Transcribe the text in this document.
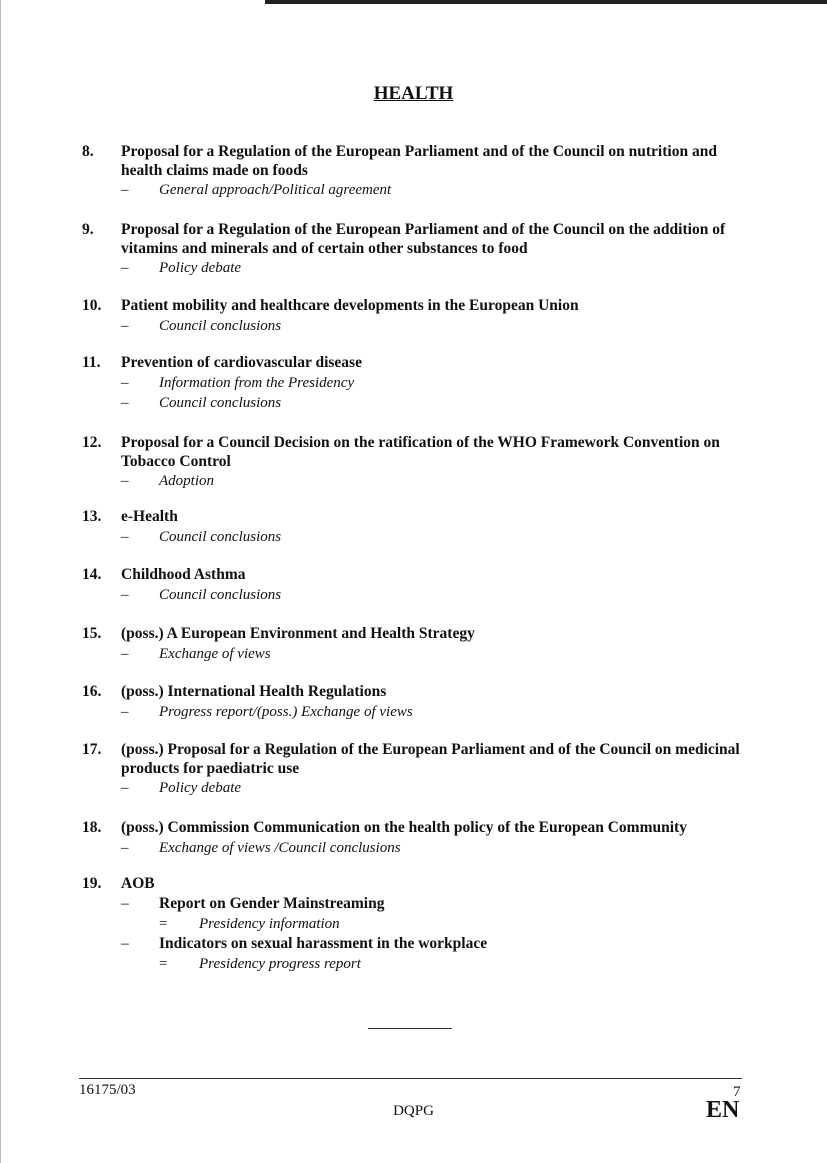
HEALTH
8. Proposal for a Regulation of the European Parliament and of the Council on nutrition and health claims made on foods
– General approach/Political agreement
9. Proposal for a Regulation of the European Parliament and of the Council on the addition of vitamins and minerals and of certain other substances to food
– Policy debate
10. Patient mobility and healthcare developments in the European Union
– Council conclusions
11. Prevention of cardiovascular disease
– Information from the Presidency
– Council conclusions
12. Proposal for a Council Decision on the ratification of the WHO Framework Convention on Tobacco Control
– Adoption
13. e-Health
– Council conclusions
14. Childhood Asthma
– Council conclusions
15. (poss.) A European Environment and Health Strategy
– Exchange of views
16. (poss.) International Health Regulations
– Progress report/(poss.) Exchange of views
17. (poss.) Proposal for a Regulation of the European Parliament and of the Council on medicinal products for paediatric use
– Policy debate
18. (poss.) Commission Communication on the health policy of the European Community
– Exchange of views /Council conclusions
19. AOB
– Report on Gender Mainstreaming
= Presidency information
– Indicators on sexual harassment in the workplace
= Presidency progress report
16175/03	7
DQPG	EN
